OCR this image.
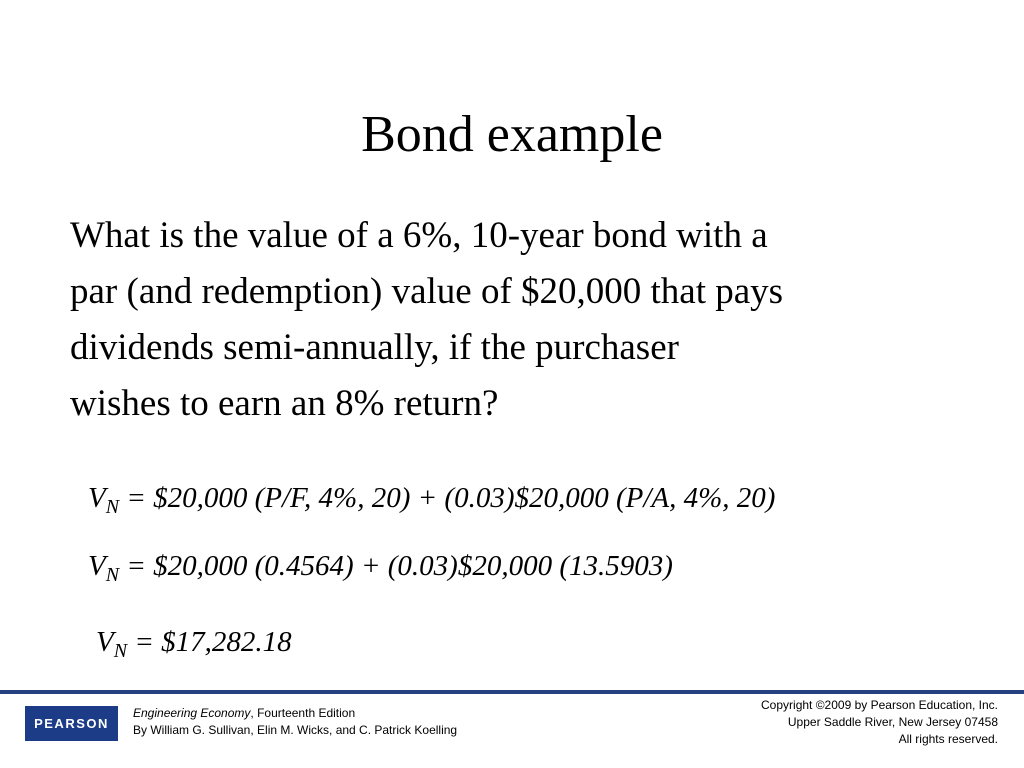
Bond example
What is the value of a 6%, 10-year bond with a
par (and redemption) value of $20,000 that pays
dividends semi-annually, if the purchaser
wishes to earn an 8% return?
$V_N$ = $20,000 (P/F, 4%, 20) + (0.03)$20,000 (P/A, 4%, 20)
$V_N$ = $20,000 (0.4564) + (0.03)$20,000 (13.5903)
$V_N$ = $17,282.18
PEARSON
Engineering Economy, Fourteenth Edition
By William G. Sullivan, Elin M. Wicks, and C. Patrick Koelling
Copyright ©2009 by Pearson Education, Inc.
Upper Saddle River, New Jersey 07458
All rights reserved.
